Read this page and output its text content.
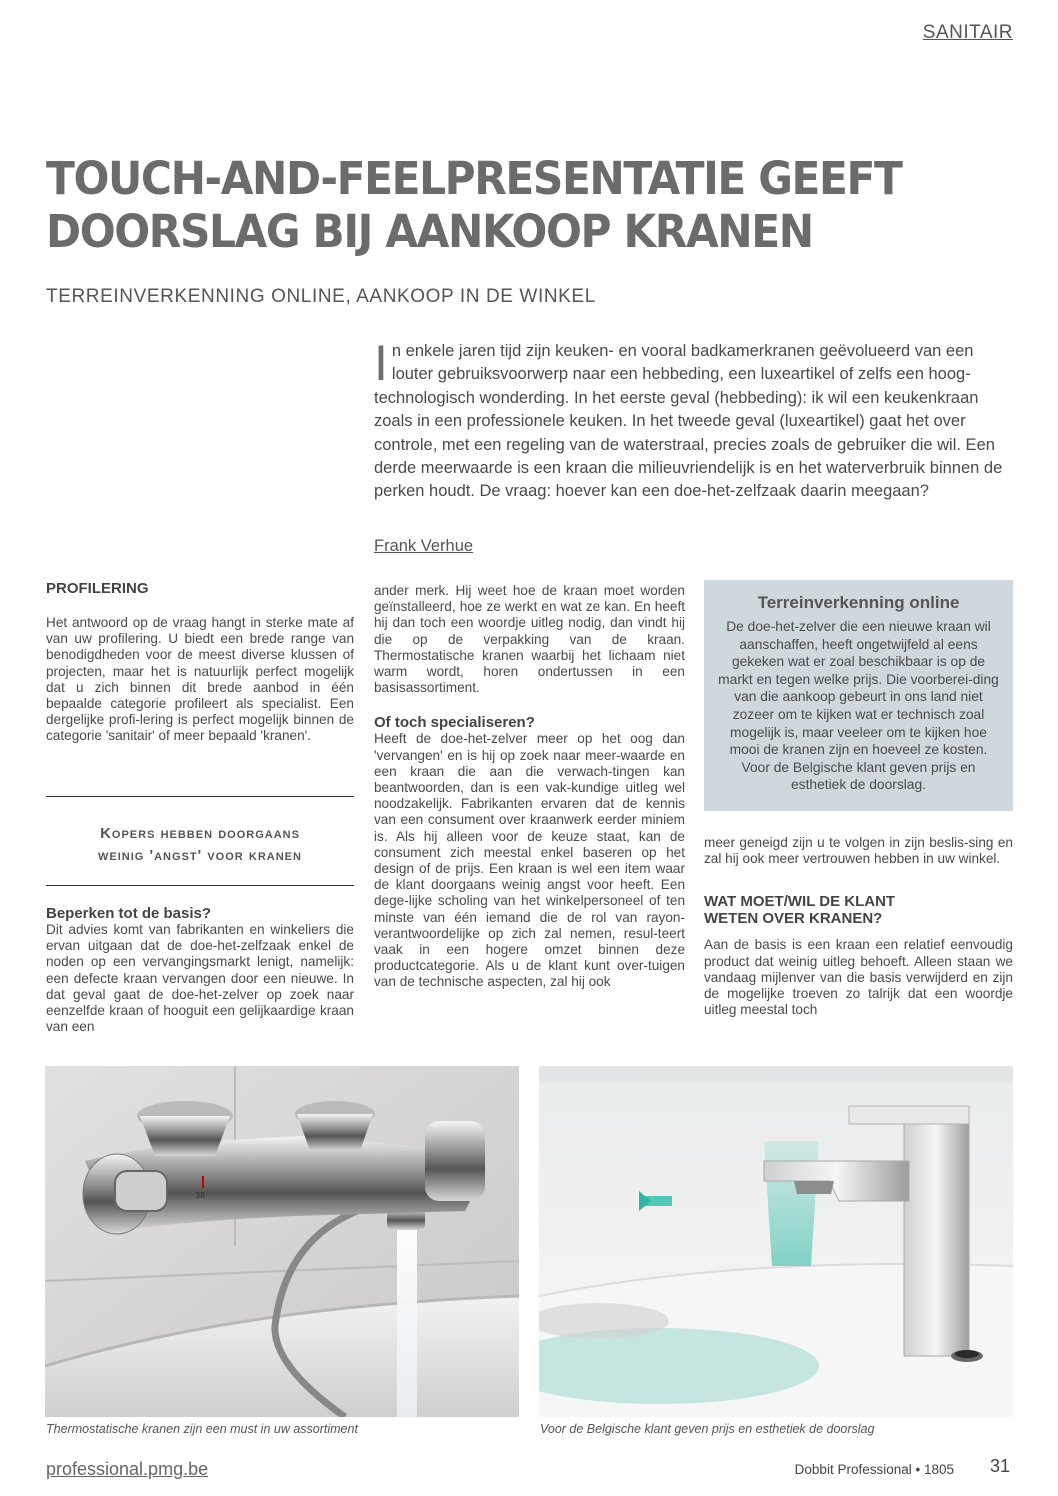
SANITAIR
TOUCH-AND-FEELPRESENTATIE GEEFT
DOORSLAG BIJ AANKOOP KRANEN
TERREINVERKENNING ONLINE, AANKOOP IN DE WINKEL

In enkele jaren tijd zijn keuken- en vooral badkamerkranen geëvolueerd van een louter gebruiksvoorwerp naar een hebbeding, een luxeartikel of zelfs een hoog-technologisch wonderding. In het eerste geval (hebbeding): ik wil een keukenkraan zoals in een professionele keuken. In het tweede geval (luxeartikel) gaat het over controle, met een regeling van de waterstraal, precies zoals de gebruiker die wil. Een derde meerwaarde is een kraan die milieuvriendelijk is en het waterverbruik binnen de perken houdt. De vraag: hoever kan een doe-het-zelfzaak daarin meegaan?

Frank Verhue
PROFILERING

Het antwoord op de vraag hangt in sterke mate af van uw profilering. U biedt een brede range van benodigdheden voor de meest diverse klussen of projecten, maar het is natuurlijk perfect mogelijk dat u zich binnen dit brede aanbod in één bepaalde categorie profileert als specialist. Een dergelijke profi-lering is perfect mogelijk binnen de categorie 'sanitair' of meer bepaald 'kranen'.

Kopers hebben doorgaans
weinig 'angst' voor kranen
Beperken tot de basis?

Dit advies komt van fabrikanten en winkeliers die ervan uitgaan dat de doe-het-zelfzaak enkel de noden op een vervangingsmarkt lenigt, namelijk: een defecte kraan vervangen door een nieuwe. In dat geval gaat de doe-het-zelver op zoek naar eenzelfde kraan of hooguit een gelijkaardige kraan van een

ander merk. Hij weet hoe de kraan moet worden geïnstalleerd, hoe ze werkt en wat ze kan. En heeft hij dan toch een woordje uitleg nodig, dan vindt hij die op de verpakking van de kraan. Thermostatische kranen waarbij het lichaam niet warm wordt, horen ondertussen in een basisassortiment.

Of toch specialiseren?

Heeft de doe-het-zelver meer op het oog dan 'vervangen' en is hij op zoek naar meer-waarde en een kraan die aan die verwach-tingen kan beantwoorden, dan is een vak-kundige uitleg wel noodzakelijk. Fabrikanten ervaren dat de kennis van een consument over kraanwerk eerder miniem is. Als hij alleen voor de keuze staat, kan de consument zich meestal enkel baseren op het design of de prijs. Een kraan is wel een item waar de klant doorgaans weinig angst voor heeft. Een dege-lijke scholing van het winkelpersoneel of ten minste van één iemand die de rol van rayon-verantwoordelijke op zich zal nemen, resul-teert vaak in een hogere omzet binnen deze productcategorie. Als u de klant kunt over-tuigen van de technische aspecten, zal hij ook

Terreinverkenning online

De doe-het-zelver die een nieuwe kraan wil aanschaffen, heeft ongetwijfeld al eens gekeken wat er zoal beschikbaar is op de markt en tegen welke prijs. Die voorberei-ding van die aankoop gebeurt in ons land niet zozeer om te kijken wat er technisch zoal mogelijk is, maar veeleer om te kijken hoe mooi de kranen zijn en hoeveel ze kosten. Voor de Belgische klant geven prijs en esthetiek de doorslag.

meer geneigd zijn u te volgen in zijn beslis-sing en zal hij ook meer vertrouwen hebben in uw winkel.

WAT MOET/WIL DE KLANT
WETEN OVER KRANEN?

Aan de basis is een kraan een relatief eenvoudig product dat weinig uitleg behoeft. Alleen staan we vandaag mijlenver van die basis verwijderd en zijn de mogelijke troeven zo talrijk dat een woordje uitleg meestal toch

38
Thermostatische kranen zijn een must in uw assortiment	Voor de Belgische klant geven prijs en esthetiek de doorslag
professional.pmg.be	Dobbit Professional • 1805 31
